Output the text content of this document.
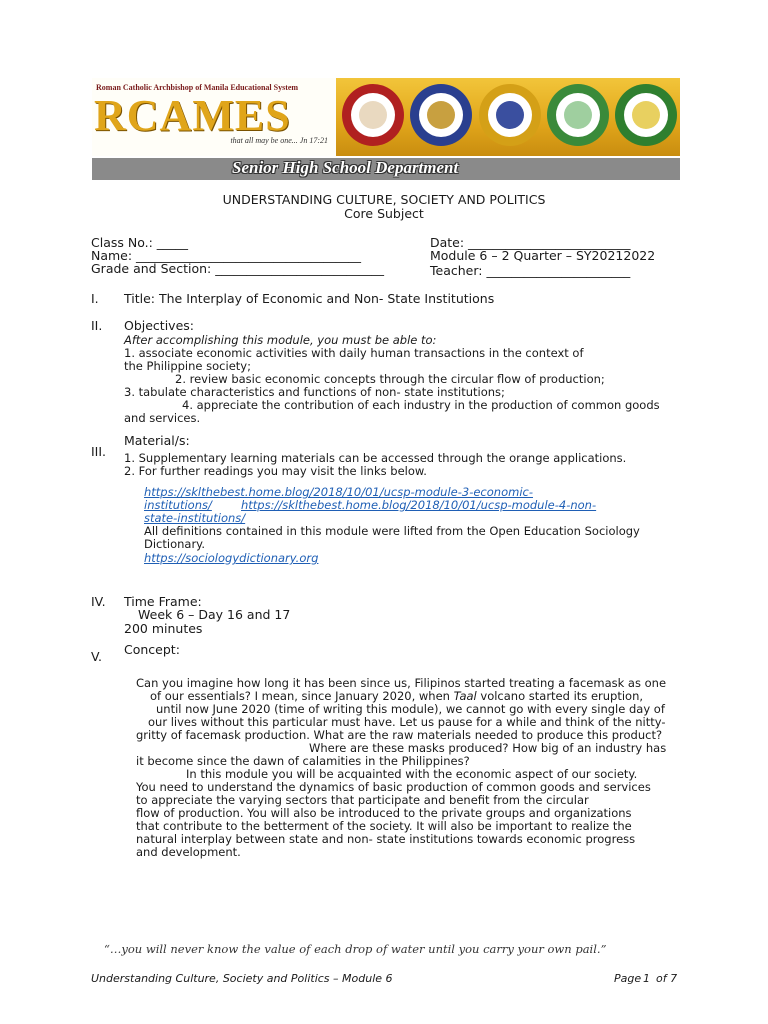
Roman Catholic Archbishop of Manila Educational System
RCAMES
that all may be one... Jn 17:21
Senior High School Department
UNDERSTANDING CULTURE, SOCIETY AND POLITICS
Core Subject
Class No.: _____
Name: ____________________________________
Grade and Section: ___________________________
Date: __________________________
Module 6 – 2 Quarter – SY20212022
Teacher: _______________________
I. Title: The Interplay of Economic and Non- State Institutions
II. Objectives:
After accomplishing this module, you must be able to:
1. associate economic activities with daily human transactions in the context of
the Philippine society;
2. review basic economic concepts through the circular flow of production;
3. tabulate characteristics and functions of non- state institutions;
4. appreciate the contribution of each industry in the production of common goods
and services.
Material/s:
III. 1. Supplementary learning materials can be accessed through the orange applications.
2. For further readings you may visit the links below.
https://sklthebest.home.blog/2018/10/01/ucsp-module-3-economic-
institutions/	https://sklthebest.home.blog/2018/10/01/ucsp-module-4-non-
state-institutions/
All definitions contained in this module were lifted from the Open Education Sociology
Dictionary.
https://sociologydictionary.org
IV. Time Frame:
Week 6 – Day 16 and 17
200 minutes
Concept:
V.
Can you imagine how long it has been since us, Filipinos started treating a facemask as one
of our essentials? I mean, since January 2020, when Taal volcano started its eruption,
until now June 2020 (time of writing this module), we cannot go with every single day of
our lives without this particular must have. Let us pause for a while and think of the nitty-
gritty of facemask production. What are the raw materials needed to produce this product?
Where are these masks produced? How big of an industry has
it become since the dawn of calamities in the Philippines?
In this module you will be acquainted with the economic aspect of our society.
You need to understand the dynamics of basic production of common goods and services
to appreciate the varying sectors that participate and benefit from the circular
flow of production. You will also be introduced to the private groups and organizations
that contribute to the betterment of the society. It will also be important to realize the
natural interplay between state and non- state institutions towards economic progress
and development.
“…you will never know the value of each drop of water until you carry your own pail.”
Understanding Culture, Society and Politics – Module 6	Page 1 of 7
